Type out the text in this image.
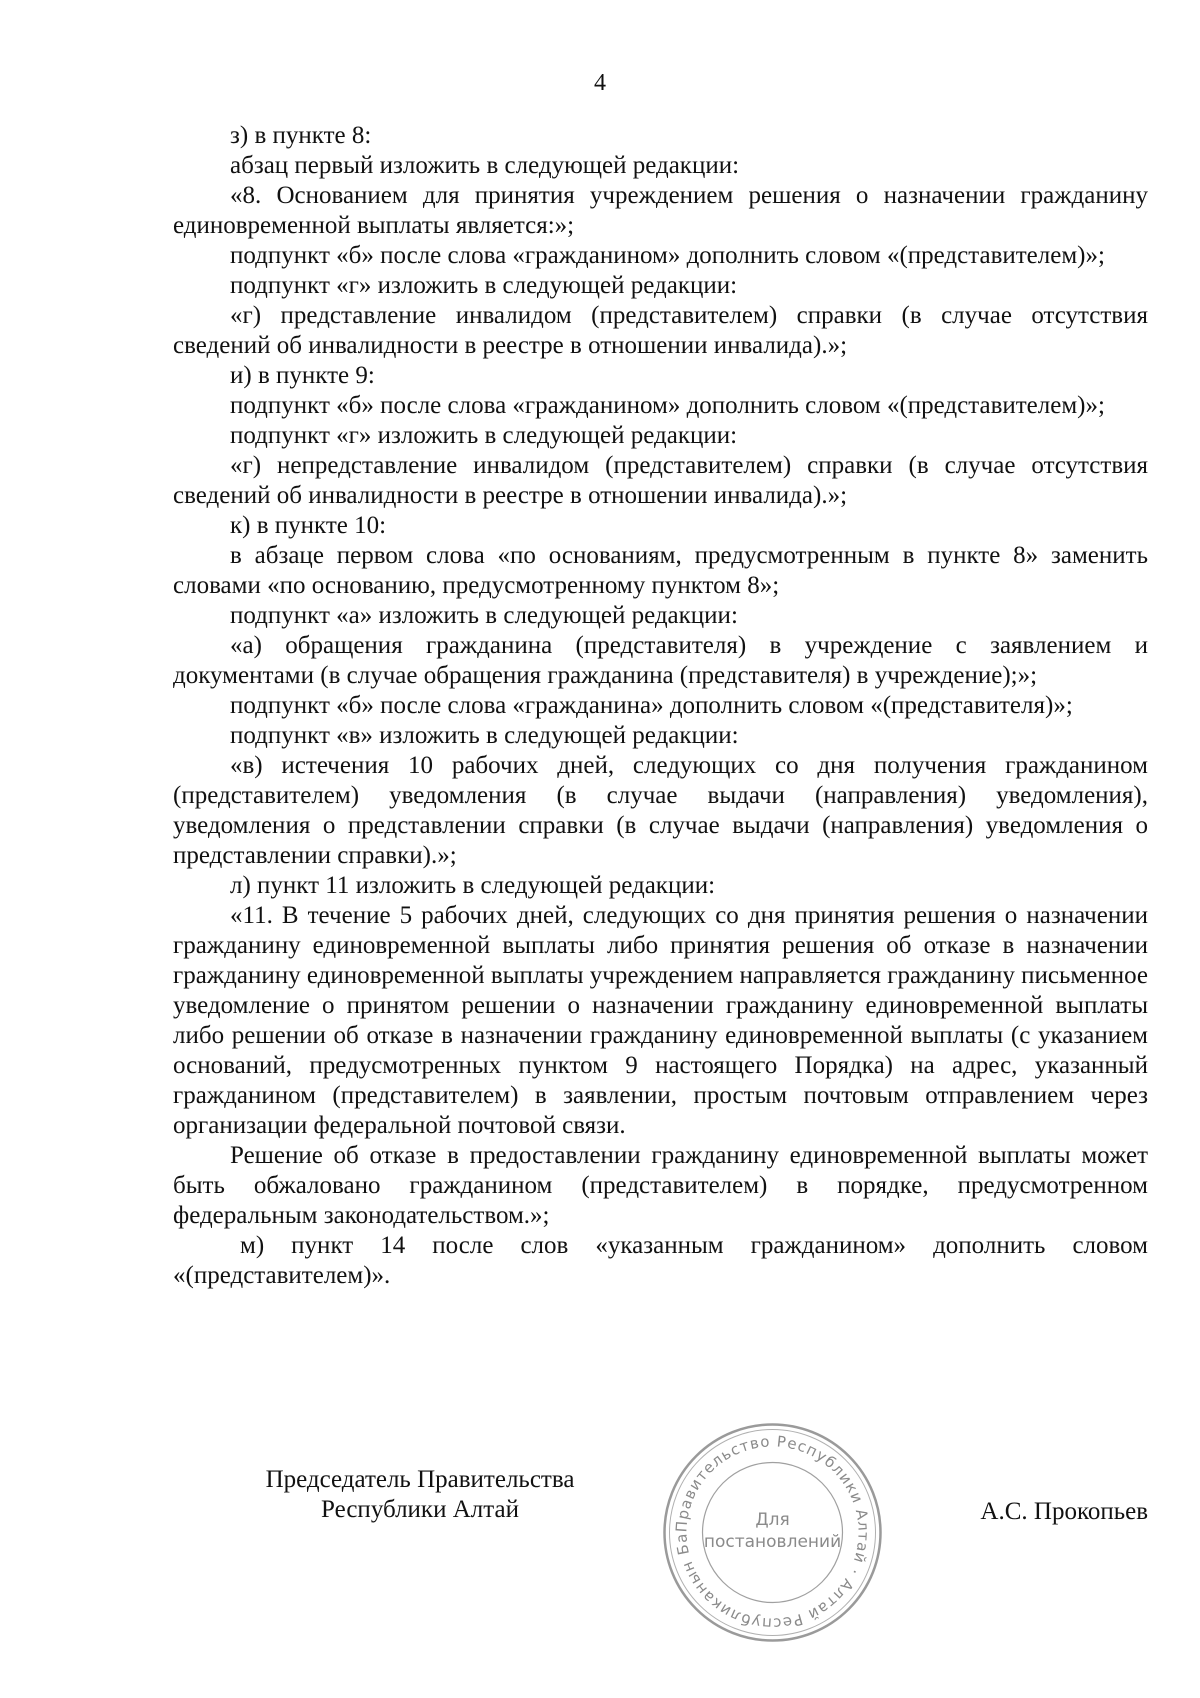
4

з) в пункте 8:

абзац первый изложить в следующей редакции:

«8. Основанием для принятия учреждением решения о назначении гражданину единовременной выплаты является:»;

подпункт «б» после слова «гражданином» дополнить словом «(представителем)»;

подпункт «г» изложить в следующей редакции:

«г) представление инвалидом (представителем) справки (в случае отсутствия сведений об инвалидности в реестре в отношении инвалида).»;

и) в пункте 9:

подпункт «б» после слова «гражданином» дополнить словом «(представителем)»;

подпункт «г» изложить в следующей редакции:

«г) непредставление инвалидом (представителем) справки (в случае отсутствия сведений об инвалидности в реестре в отношении инвалида).»;

к) в пункте 10:

в абзаце первом слова «по основаниям, предусмотренным в пункте 8» заменить словами «по основанию, предусмотренному пунктом 8»;

подпункт «а» изложить в следующей редакции:

«а) обращения гражданина (представителя) в учреждение с заявлением и документами (в случае обращения гражданина (представителя) в учреждение);»;

подпункт «б» после слова «гражданина» дополнить словом «(представителя)»;

подпункт «в» изложить в следующей редакции:

«в) истечения 10 рабочих дней, следующих со дня получения гражданином (представителем) уведомления (в случае выдачи (направления) уведомления), уведомления о представлении справки (в случае выдачи (направления) уведомления о представлении справки).»;

л) пункт 11 изложить в следующей редакции:

«11. В течение 5 рабочих дней, следующих со дня принятия решения о назначении гражданину единовременной выплаты либо принятия решения об отказе в назначении гражданину единовременной выплаты учреждением направляется гражданину письменное уведомление о принятом решении о назначении гражданину единовременной выплаты либо решении об отказе в назначении гражданину единовременной выплаты (с указанием оснований, предусмотренных пунктом 9 настоящего Порядка) на адрес, указанный гражданином (представителем) в заявлении, простым почтовым отправлением через организации федеральной почтовой связи.

Решение об отказе в предоставлении гражданину единовременной выплаты может быть обжаловано гражданином (представителем) в порядке, предусмотренном федеральным законодательством.»;

м) пункт 14 после слов «указанным гражданином» дополнить словом «(представителем)».

Председатель Правительства
Республики Алтай
Правительство Республики Алтай · Алтай Республиканын Ба
Для
постановлений
А.С. Прокопьев
